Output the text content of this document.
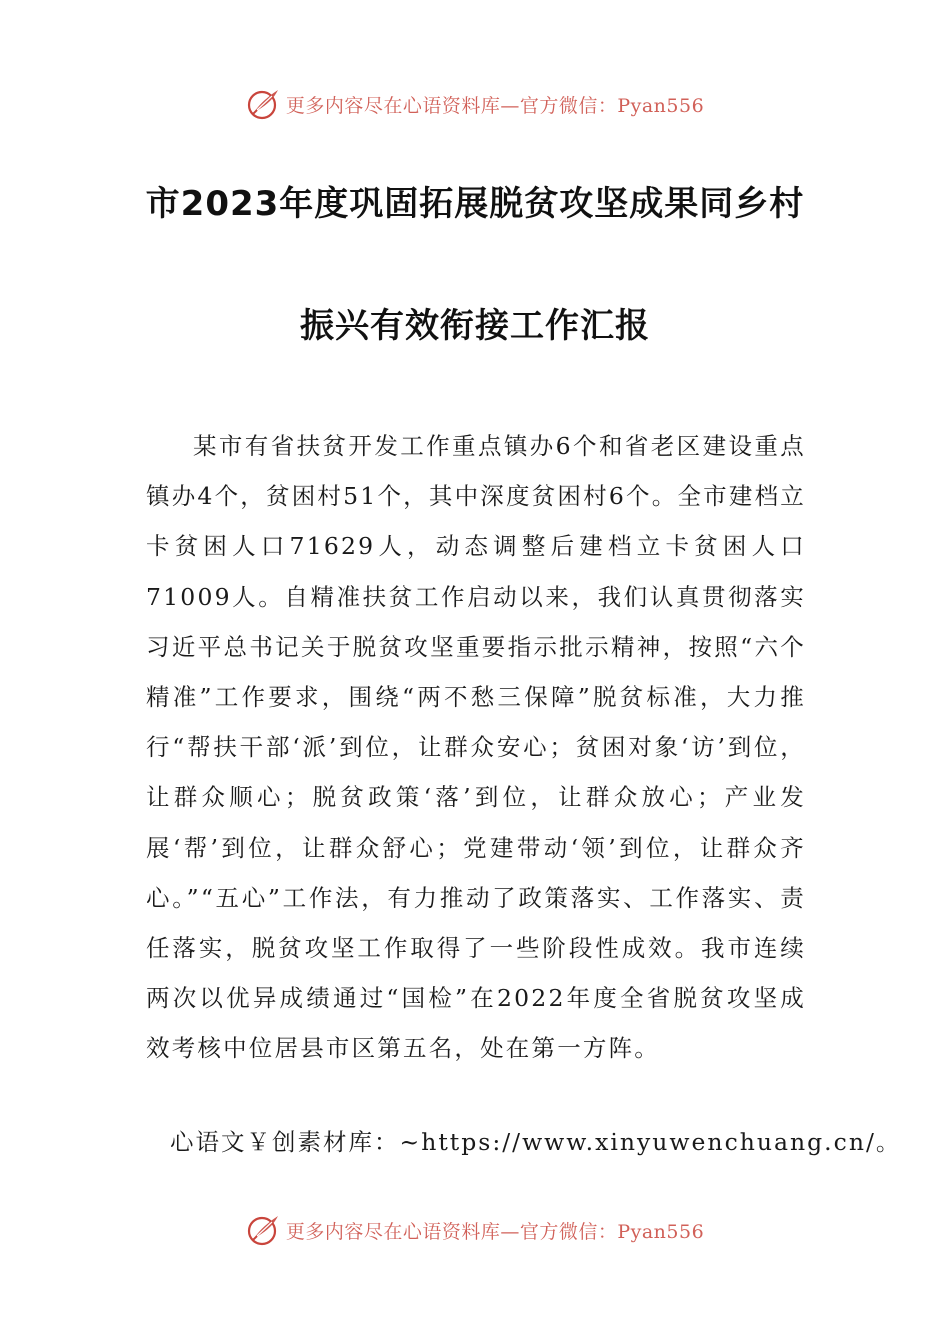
更多内容尽在心语资料库—官方微信：Pyan556
市2023年度巩固拓展脱贫攻坚成果同乡村
振兴有效衔接工作汇报

某市有省扶贫开发工作重点镇办6个和省老区建设重点镇办4个，贫困村51个，其中深度贫困村6个。全市建档立卡贫困人口71629人，动态调整后建档立卡贫困人口71009人。自精准扶贫工作启动以来，我们认真贯彻落实习近平总书记关于脱贫攻坚重要指示批示精神，按照“六个精准”工作要求，围绕“两不愁三保障”脱贫标准，大力推行“帮扶干部‘派’到位，让群众安心；贫困对象‘访’到位，让群众顺心；脱贫政策‘落’到位，让群众放心；产业发展‘帮’到位，让群众舒心；党建带动‘领’到位，让群众齐心。”“五心”工作法，有力推动了政策落实、工作落实、责任落实，脱贫攻坚工作取得了一些阶段性成效。我市连续两次以优异成绩通过“国检”在2022年度全省脱贫攻坚成效考核中位居县市区第五名，处在第一方阵。

心语文￥创素材库：~https://www.xinyuwenchuang.cn/。
更多内容尽在心语资料库—官方微信：Pyan556
